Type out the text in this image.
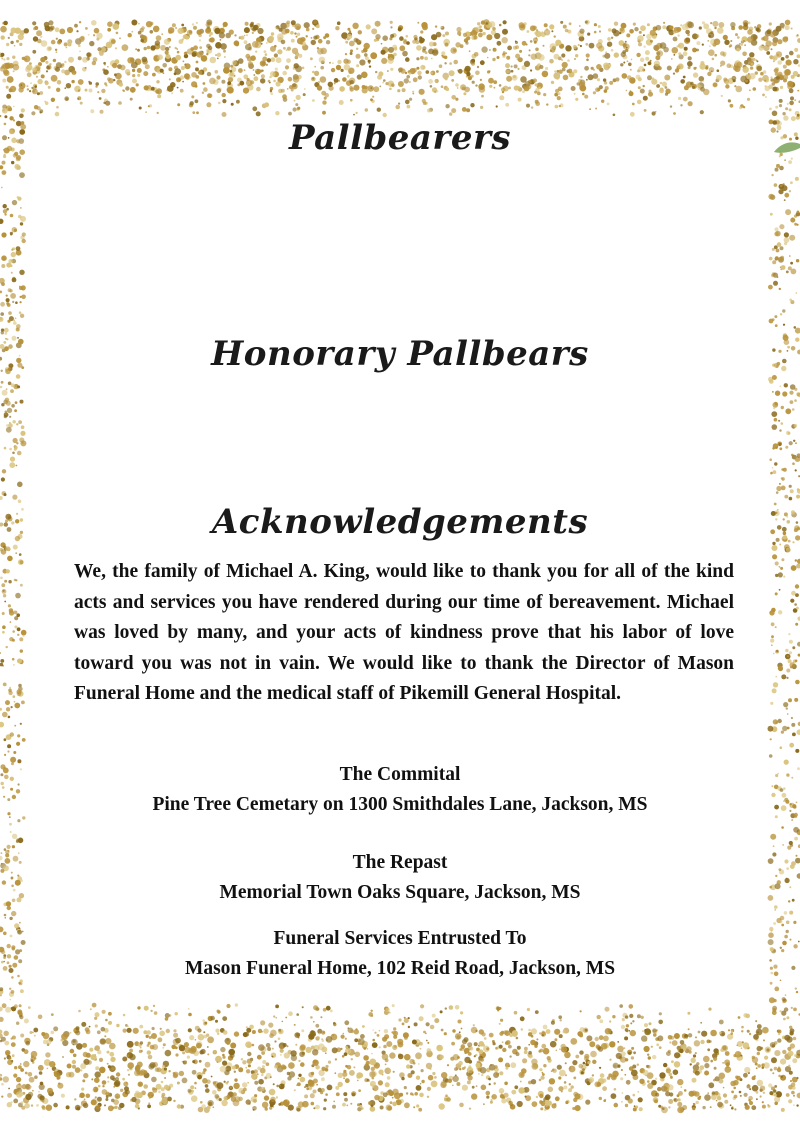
Pallbearers
Honorary Pallbears
Acknowledgements

We, the family of Michael A. King, would like to thank you for all of the kind acts and services you have rendered during our time of bereavement. Michael was loved by many, and your acts of kindness prove that his labor of love toward you was not in vain. We would like to thank the Director of Mason Funeral Home and the medical staff of Pikemill General Hospital.

The Commital
Pine Tree Cemetary on 1300 Smithdales Lane, Jackson, MS
The Repast
Memorial Town Oaks Square, Jackson, MS
Funeral Services Entrusted To
Mason Funeral Home, 102 Reid Road, Jackson, MS
